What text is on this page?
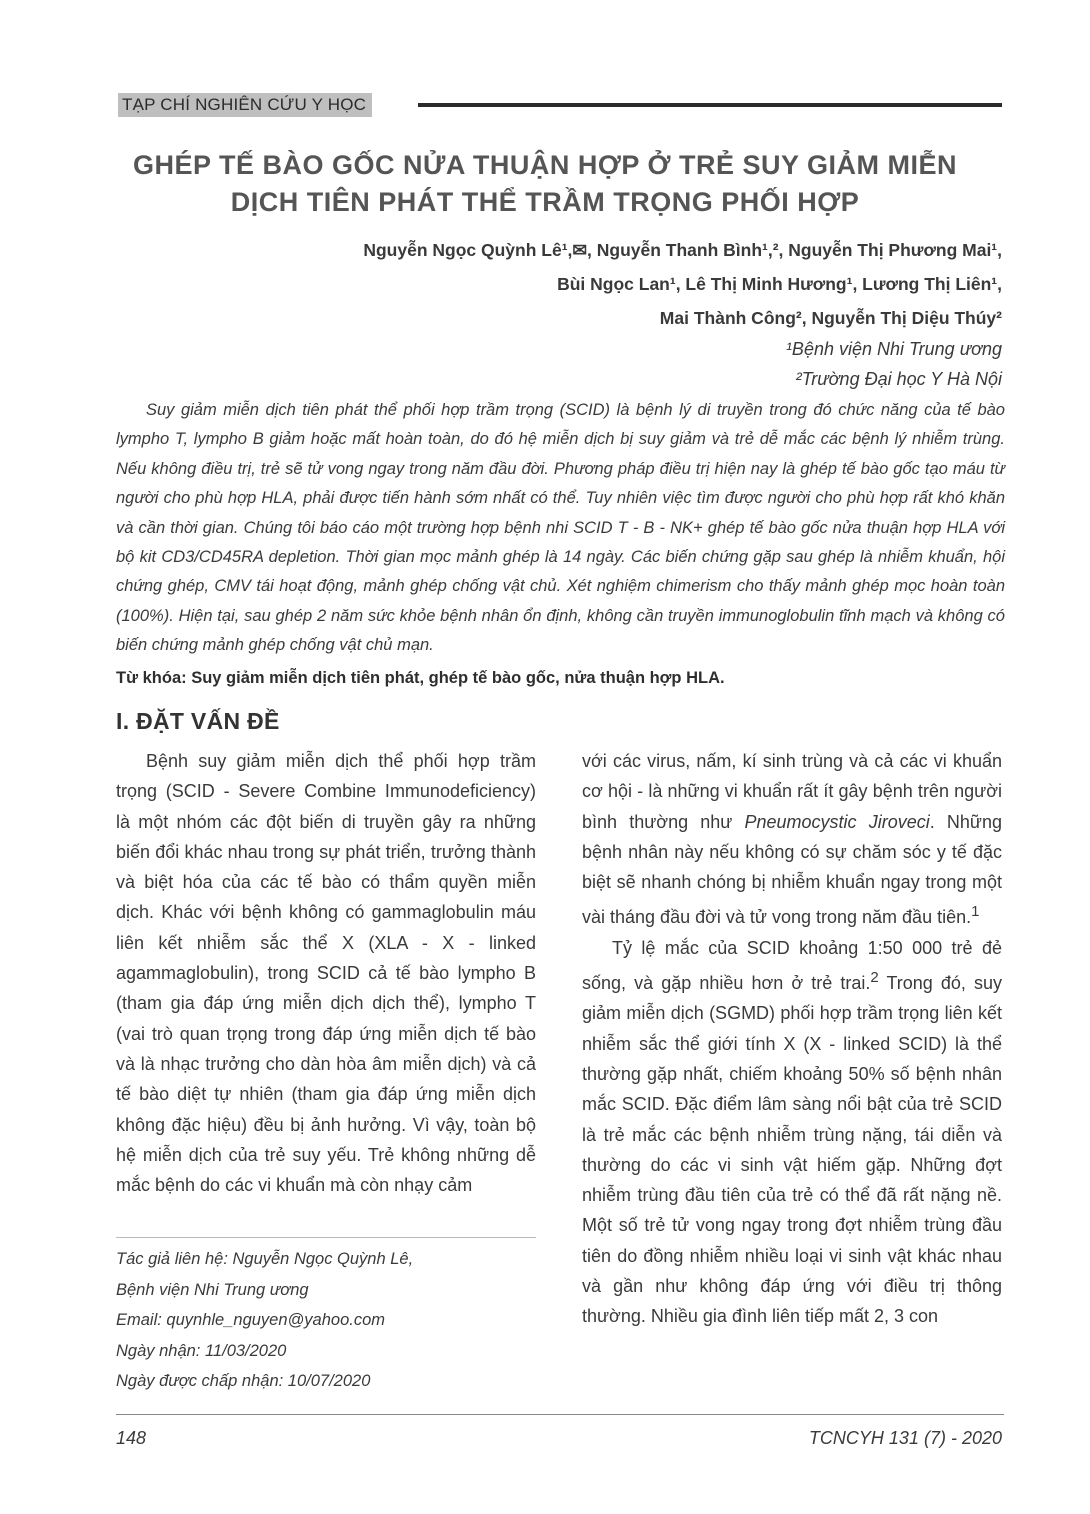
TẠP CHÍ NGHIÊN CỨU Y HỌC
GHÉP TẾ BÀO GỐC NỬA THUẬN HỢP Ở TRẺ SUY GIẢM MIỄN
DỊCH TIÊN PHÁT THỂ TRẦM TRỌNG PHỐI HỢP
Nguyễn Ngọc Quỳnh Lê¹,✉, Nguyễn Thanh Bình¹,², Nguyễn Thị Phương Mai¹,
Bùi Ngọc Lan¹, Lê Thị Minh Hương¹, Lương Thị Liên¹,
Mai Thành Công², Nguyễn Thị Diệu Thúy²
¹Bệnh viện Nhi Trung ương
²Trường Đại học Y Hà Nội

Suy giảm miễn dịch tiên phát thể phối hợp trầm trọng (SCID) là bệnh lý di truyền trong đó chức năng của tế bào lympho T, lympho B giảm hoặc mất hoàn toàn, do đó hệ miễn dịch bị suy giảm và trẻ dễ mắc các bệnh lý nhiễm trùng. Nếu không điều trị, trẻ sẽ tử vong ngay trong năm đầu đời. Phương pháp điều trị hiện nay là ghép tế bào gốc tạo máu từ người cho phù hợp HLA, phải được tiến hành sớm nhất có thể. Tuy nhiên việc tìm được người cho phù hợp rất khó khăn và cần thời gian. Chúng tôi báo cáo một trường hợp bệnh nhi SCID T - B - NK+ ghép tế bào gốc nửa thuận hợp HLA với bộ kit CD3/CD45RA depletion. Thời gian mọc mảnh ghép là 14 ngày. Các biến chứng gặp sau ghép là nhiễm khuẩn, hội chứng ghép, CMV tái hoạt động, mảnh ghép chống vật chủ. Xét nghiệm chimerism cho thấy mảnh ghép mọc hoàn toàn (100%). Hiện tại, sau ghép 2 năm sức khỏe bệnh nhân ổn định, không cần truyền immunoglobulin tĩnh mạch và không có biến chứng mảnh ghép chống vật chủ mạn.

Từ khóa: Suy giảm miễn dịch tiên phát, ghép tế bào gốc, nửa thuận hợp HLA.
I. ĐẶT VẤN ĐỀ

Bệnh suy giảm miễn dịch thể phối hợp trầm trọng (SCID - Severe Combine Immunodeficiency) là một nhóm các đột biến di truyền gây ra những biến đổi khác nhau trong sự phát triển, trưởng thành và biệt hóa của các tế bào có thẩm quyền miễn dịch. Khác với bệnh không có gammaglobulin máu liên kết nhiễm sắc thể X (XLA - X - linked agammaglobulin), trong SCID cả tế bào lympho B (tham gia đáp ứng miễn dịch dịch thể), lympho T (vai trò quan trọng trong đáp ứng miễn dịch tế bào và là nhạc trưởng cho dàn hòa âm miễn dịch) và cả tế bào diệt tự nhiên (tham gia đáp ứng miễn dịch không đặc hiệu) đều bị ảnh hưởng. Vì vậy, toàn bộ hệ miễn dịch của trẻ suy yếu. Trẻ không những dễ mắc bệnh do các vi khuẩn mà còn nhạy cảm

với các virus, nấm, kí sinh trùng và cả các vi khuẩn cơ hội - là những vi khuẩn rất ít gây bệnh trên người bình thường như Pneumocystic Jiroveci. Những bệnh nhân này nếu không có sự chăm sóc y tế đặc biệt sẽ nhanh chóng bị nhiễm khuẩn ngay trong một vài tháng đầu đời và tử vong trong năm đầu tiên.$^1$

Tỷ lệ mắc của SCID khoảng 1:50 000 trẻ đẻ sống, và gặp nhiều hơn ở trẻ trai.$^2$ Trong đó, suy giảm miễn dịch (SGMD) phối hợp trầm trọng liên kết nhiễm sắc thể giới tính X (X - linked SCID) là thể thường gặp nhất, chiếm khoảng 50% số bệnh nhân mắc SCID. Đặc điểm lâm sàng nổi bật của trẻ SCID là trẻ mắc các bệnh nhiễm trùng nặng, tái diễn và thường do các vi sinh vật hiếm gặp. Những đợt nhiễm trùng đầu tiên của trẻ có thể đã rất nặng nề. Một số trẻ tử vong ngay trong đợt nhiễm trùng đầu tiên do đồng nhiễm nhiều loại vi sinh vật khác nhau và gần như không đáp ứng với điều trị thông thường. Nhiều gia đình liên tiếp mất 2, 3 con

Tác giả liên hệ: Nguyễn Ngọc Quỳnh Lê,
Bệnh viện Nhi Trung ương
Email: quynhle_nguyen@yahoo.com
Ngày nhận: 11/03/2020
Ngày được chấp nhận: 10/07/2020
148	TCNCYH 131 (7) - 2020
